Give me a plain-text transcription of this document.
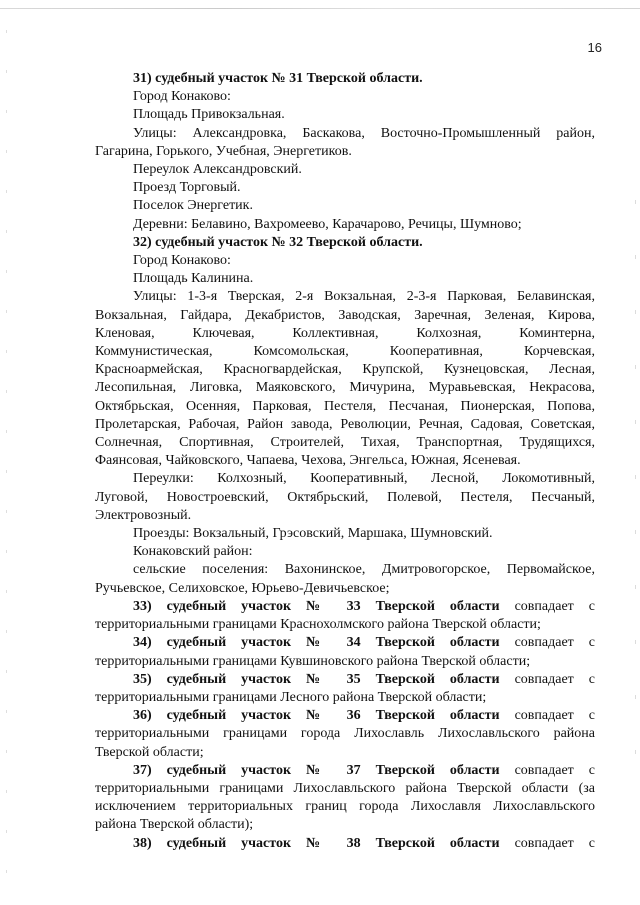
16

31) судебный участок № 31 Тверской области.

Город Конаково:

Площадь Привокзальная.

Улицы: Александровка, Баскакова, Восточно-Промышленный район,

Гагарина, Горького, Учебная, Энергетиков.

Переулок Александровский.

Проезд Торговый.

Поселок Энергетик.

Деревни: Белавино, Вахромеево, Карачарово, Речицы, Шумново;

32) судебный участок № 32 Тверской области.

Город Конаково:

Площадь Калинина.

Улицы: 1-3-я Тверская, 2-я Вокзальная, 2-3-я Парковая, Белавинская,

Вокзальная, Гайдара, Декабристов, Заводская, Заречная, Зеленая, Кирова,

Кленовая, Ключевая, Коллективная, Колхозная, Коминтерна,

Коммунистическая, Комсомольская, Кооперативная, Корчевская,

Красноармейская, Красногвардейская, Крупской, Кузнецовская, Лесная,

Лесопильная, Лиговка, Маяковского, Мичурина, Муравьевская, Некрасова,

Октябрьская, Осенняя, Парковая, Пестеля, Песчаная, Пионерская, Попова,

Пролетарская, Рабочая, Район завода, Революции, Речная, Садовая, Советская,

Солнечная, Спортивная, Строителей, Тихая, Транспортная, Трудящихся,

Фаянсовая, Чайковского, Чапаева, Чехова, Энгельса, Южная, Ясеневая.

Переулки: Колхозный, Кооперативный, Лесной, Локомотивный,

Луговой, Новостроевский, Октябрьский, Полевой, Пестеля, Песчаный,

Электровозный.

Проезды: Вокзальный, Грэсовский, Маршака, Шумновский.

Конаковский район:

сельские поселения: Вахонинское, Дмитровогорское, Первомайское,

Ручьевское, Селиховское, Юрьево-Девичьевское;

33) судебный участок № 33 Тверской области совпадает с

территориальными границами Краснохолмского района Тверской области;

34) судебный участок № 34 Тверской области совпадает с

территориальными границами Кувшиновского района Тверской области;

35) судебный участок № 35 Тверской области совпадает с

территориальными границами Лесного района Тверской области;

36) судебный участок № 36 Тверской области совпадает с

территориальными границами города Лихославль Лихославльского района

Тверской области;

37) судебный участок № 37 Тверской области совпадает с

территориальными границами Лихославльского района Тверской области (за

исключением территориальных границ города Лихославля Лихославльского

района Тверской области);

38) судебный участок № 38 Тверской области совпадает с
